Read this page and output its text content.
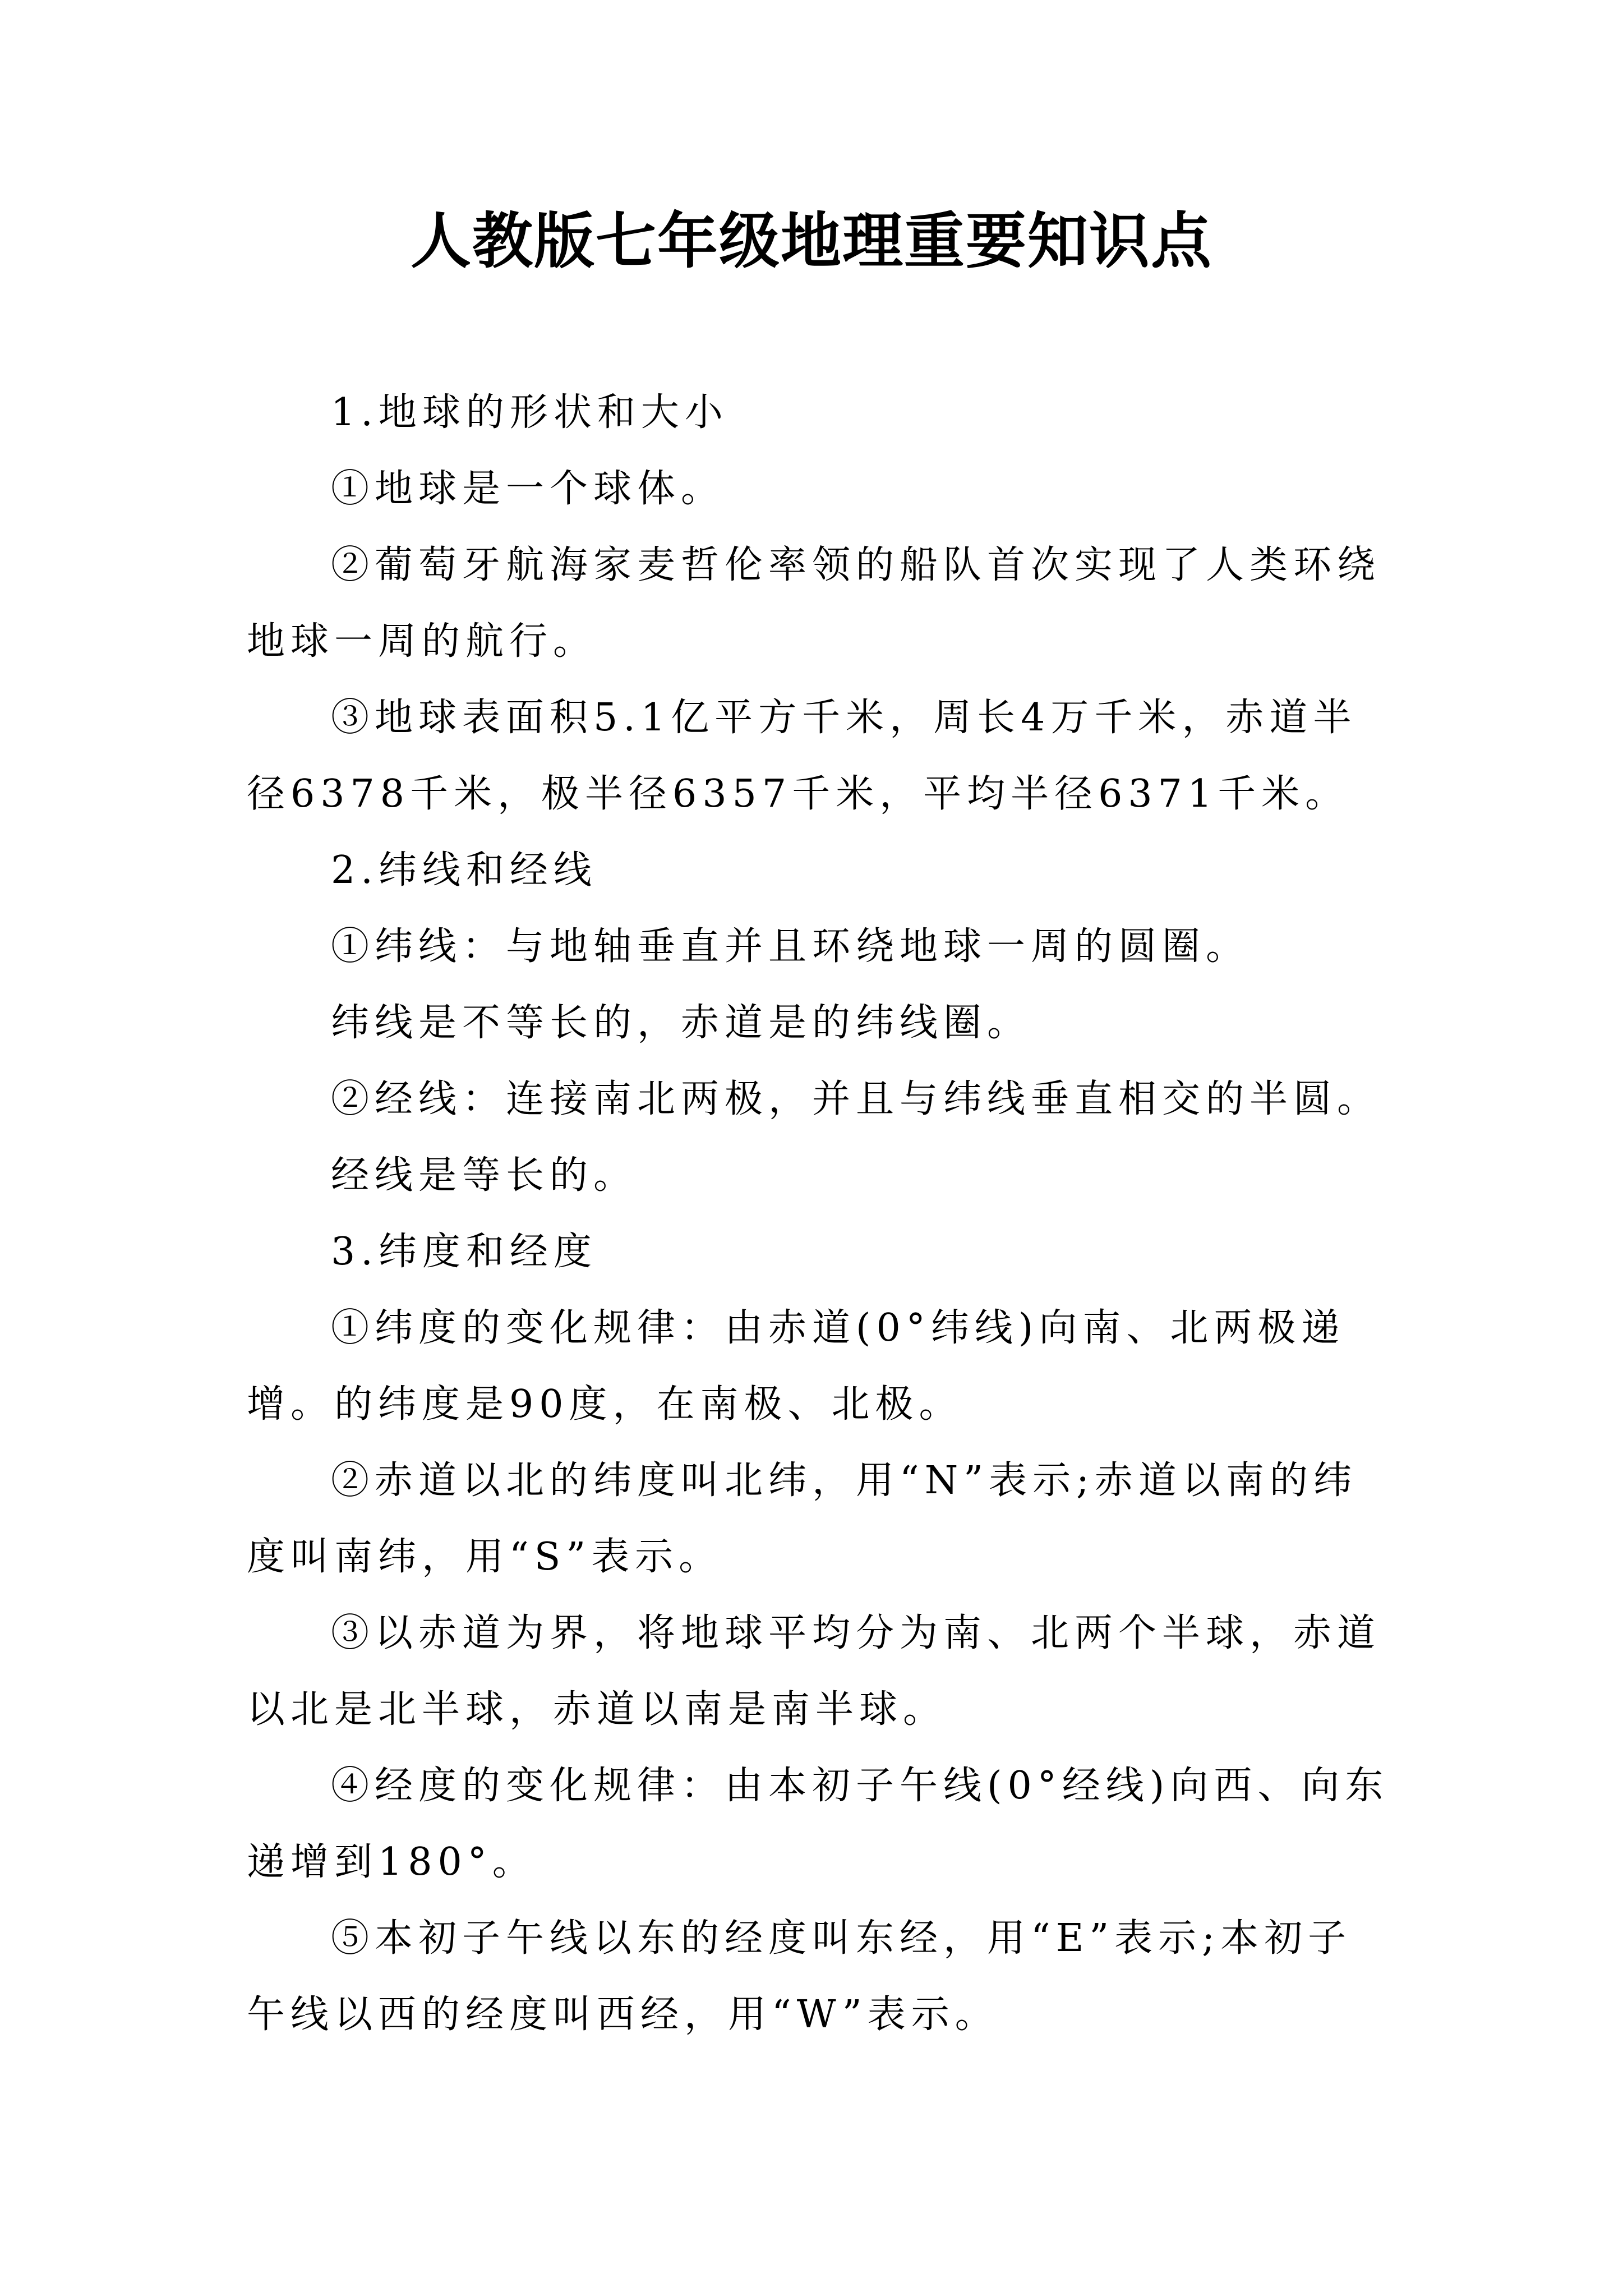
人教版七年级地理重要知识点

1.地球的形状和大小

①地球是一个球体。

②葡萄牙航海家麦哲伦率领的船队首次实现了人类环绕地球一周的航行。

③地球表面积5.1亿平方千米，周长4万千米，赤道半径6378千米，极半径6357千米，平均半径6371千米。

2.纬线和经线

①纬线：与地轴垂直并且环绕地球一周的圆圈。

纬线是不等长的，赤道是的纬线圈。

②经线：连接南北两极，并且与纬线垂直相交的半圆。

经线是等长的。

3.纬度和经度

①纬度的变化规律：由赤道(0°纬线)向南、北两极递增。的纬度是90度，在南极、北极。

②赤道以北的纬度叫北纬，用“N”表示;赤道以南的纬度叫南纬，用“S”表示。

③以赤道为界，将地球平均分为南、北两个半球，赤道以北是北半球，赤道以南是南半球。

④经度的变化规律：由本初子午线(0°经线)向西、向东递增到180°。

⑤本初子午线以东的经度叫东经，用“E”表示;本初子午线以西的经度叫西经，用“W”表示。
